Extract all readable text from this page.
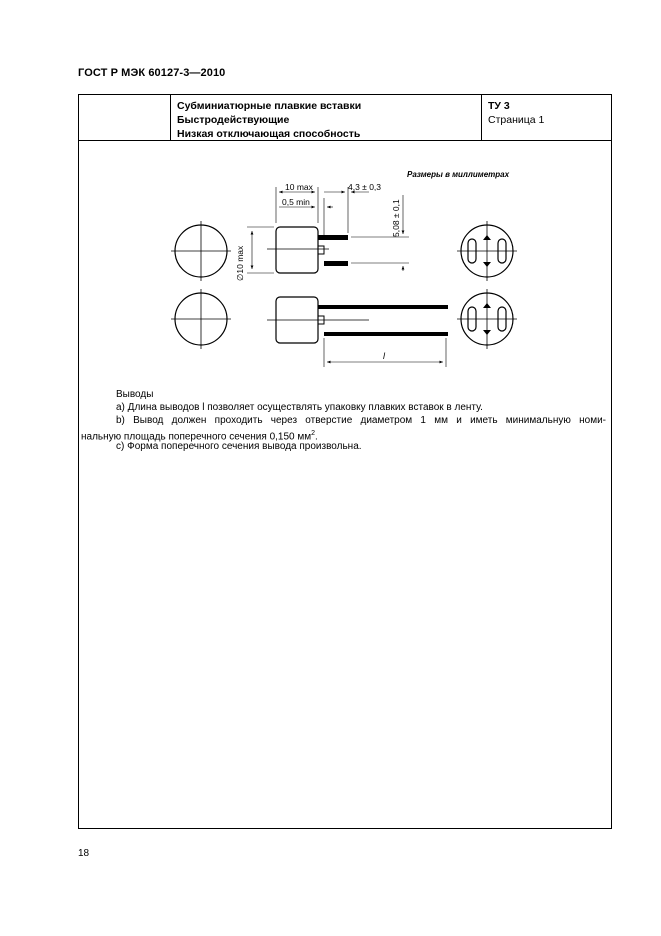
ГОСТ Р МЭК 60127-3—2010
Субминиатюрные плавкие вставки
Быстродействующие
Низкая отключающая способность
ТУ 3
Страница 1
Размеры в миллиметрах
10 max
0,5 min
4,3 ± 0,3
5,08 ± 0,1
∅10 max
l
Выводы
a) Длина выводов l позволяет осуществлять упаковку плавких вставок в ленту.
b) Вывод должен проходить через отверстие диаметром 1 мм и иметь минимальную номи-
нальную площадь поперечного сечения 0,150 $мм^2$.
c) Форма поперечного сечения вывода произвольна.
18
